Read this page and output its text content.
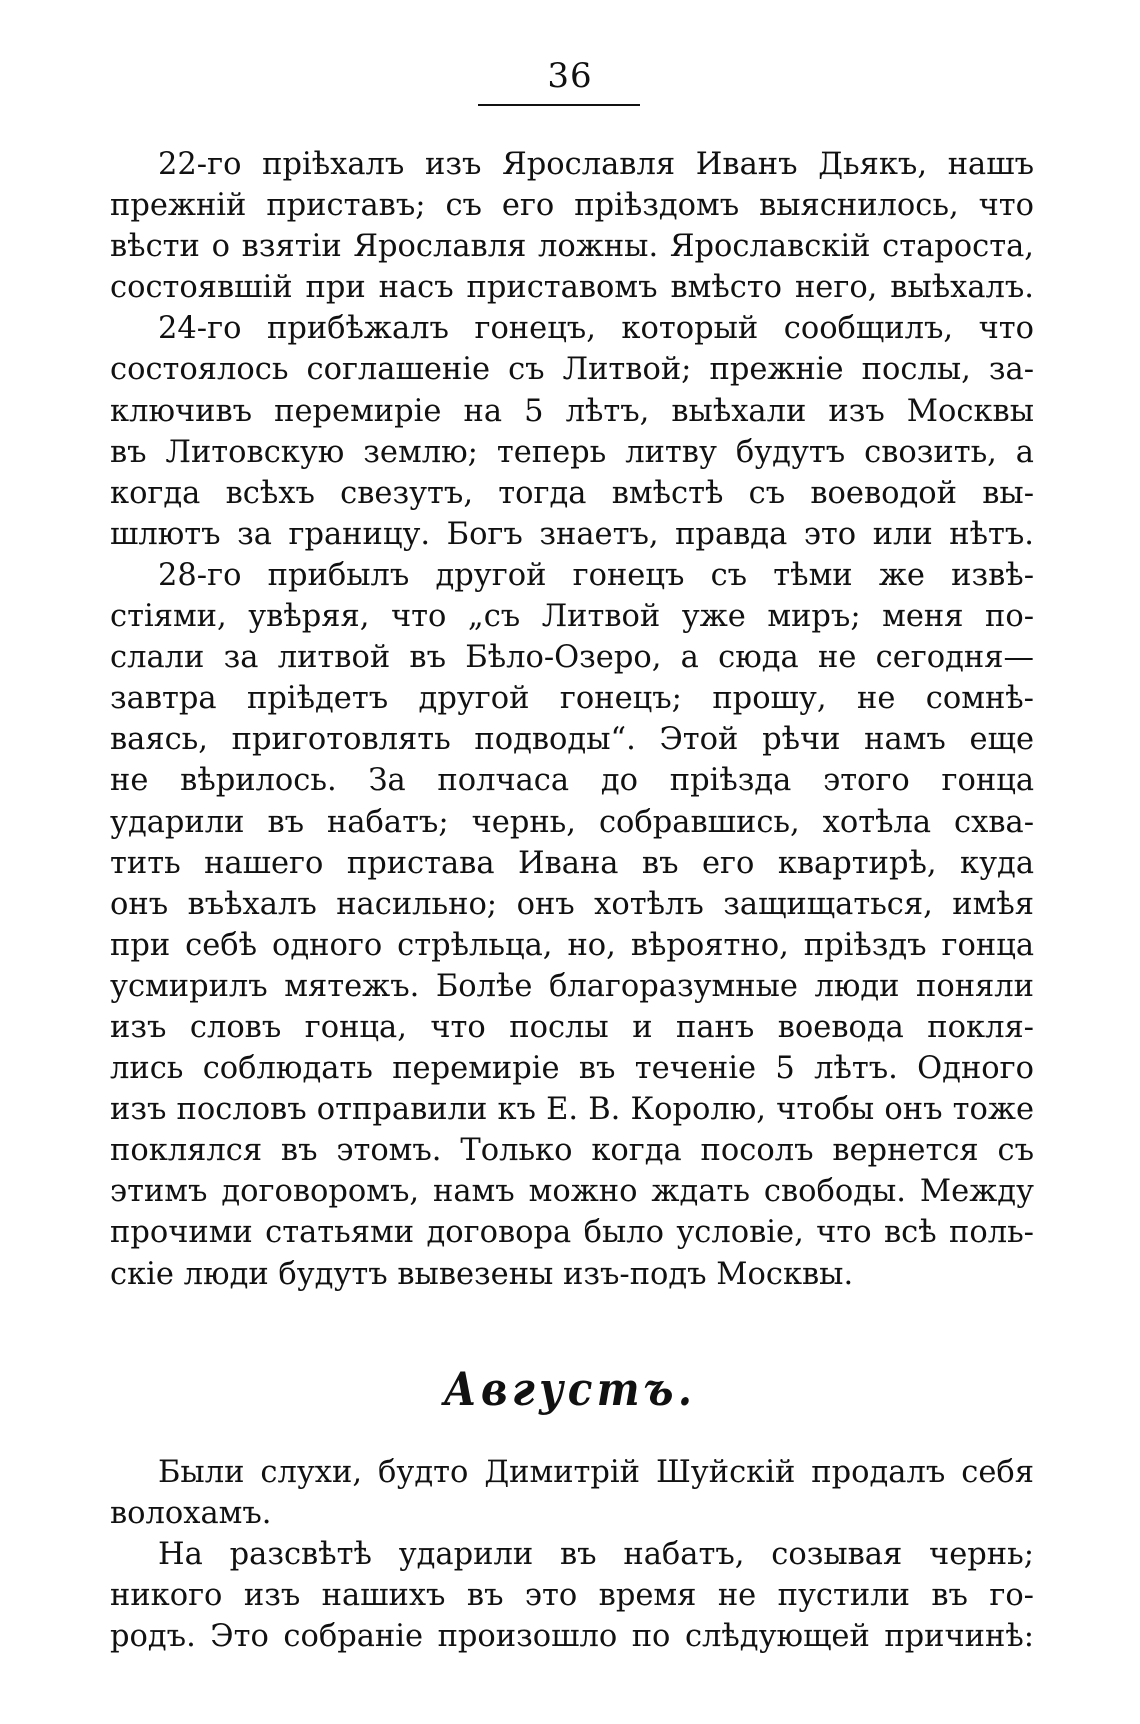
36
22-го пріѣхалъ изъ Ярославля Иванъ Дьякъ, нашъ
прежній приставъ; съ его пріѣздомъ выяснилось, что
вѣсти о взятіи Ярославля ложны. Ярославскій староста,
состоявшій при насъ приставомъ вмѣсто него, выѣхалъ.
24-го прибѣжалъ гонецъ, который сообщилъ, что
состоялось соглашеніе съ Литвой; прежніе послы, за-
ключивъ перемиріе на 5 лѣтъ, выѣхали изъ Москвы
въ Литовскую землю; теперь литву будутъ свозить, а
когда всѣхъ свезутъ, тогда вмѣстѣ съ воеводой вы-
шлютъ за границу. Богъ знаетъ, правда это или нѣтъ.
28-го прибылъ другой гонецъ съ тѣми же извѣ-
стіями, увѣряя, что „съ Литвой уже миръ; меня по-
слали за литвой въ Бѣло-Озеро, а сюда не сегодня—
завтра пріѣдетъ другой гонецъ; прошу, не сомнѣ-
ваясь, приготовлять подводы“. Этой рѣчи намъ еще
не вѣрилось. За полчаса до пріѣзда этого гонца
ударили въ набатъ; чернь, собравшись, хотѣла схва-
тить нашего пристава Ивана въ его квартирѣ, куда
онъ въѣхалъ насильно; онъ хотѣлъ защищаться, имѣя
при себѣ одного стрѣльца, но, вѣроятно, пріѣздъ гонца
усмирилъ мятежъ. Болѣе благоразумные люди поняли
изъ словъ гонца, что послы и панъ воевода покля-
лись соблюдать перемиріе въ теченіе 5 лѣтъ. Одного
изъ пословъ отправили къ Е. В. Королю, чтобы онъ тоже
поклялся въ этомъ. Только когда посолъ вернется съ
этимъ договоромъ, намъ можно ждать свободы. Между
прочими статьями договора было условіе, что всѣ поль-
скіе люди будутъ вывезены изъ-подъ Москвы.
Августъ.
Были слухи, будто Димитрій Шуйскій продалъ себя
волохамъ.
На разсвѣтѣ ударили въ набатъ, созывая чернь;
никого изъ нашихъ въ это время не пустили въ го-
родъ. Это собраніе произошло по слѣдующей причинѣ:
